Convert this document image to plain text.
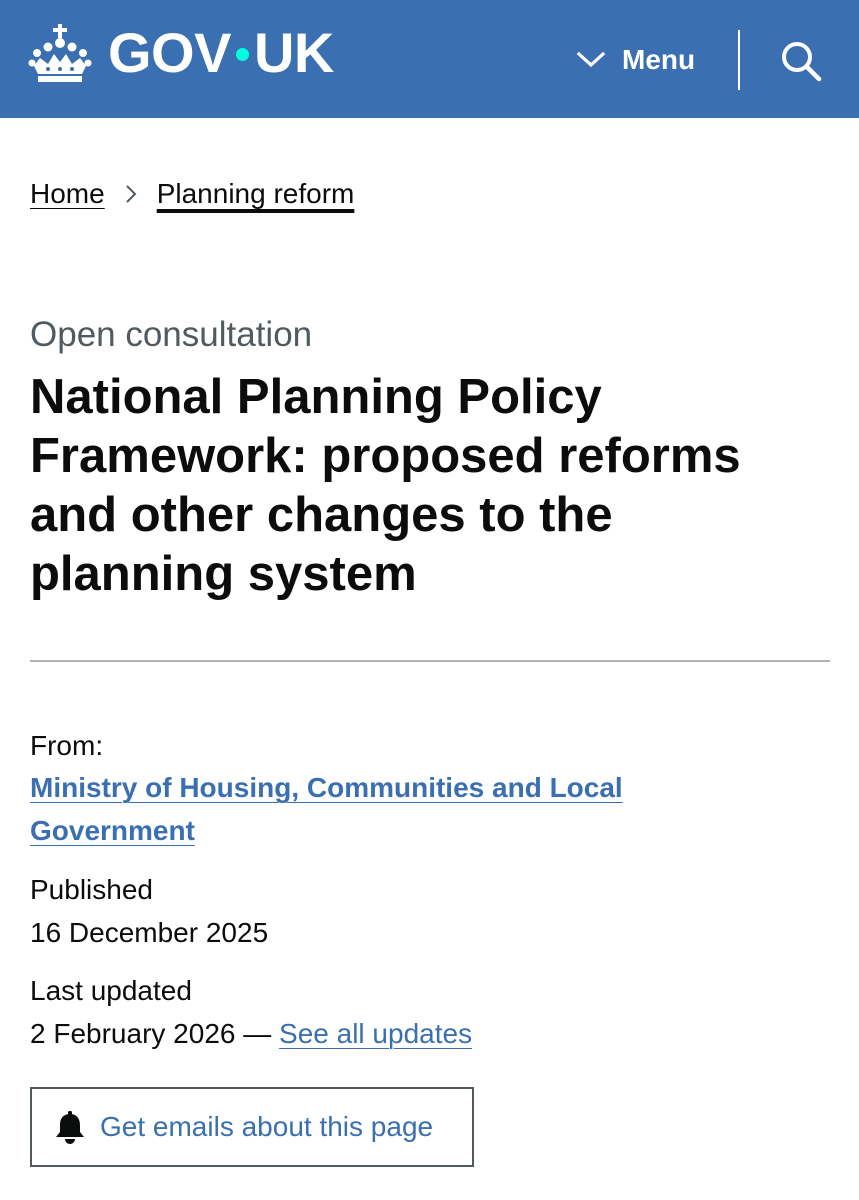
GOV UK	Menu
Home Planning reform
Open consultation
National Planning Policy Framework: proposed reforms and other changes to the planning system
From:
Ministry of Housing, Communities and Local Government
Published
16 December 2025
Last updated
2 February 2026 — See all updates
Get emails about this page
